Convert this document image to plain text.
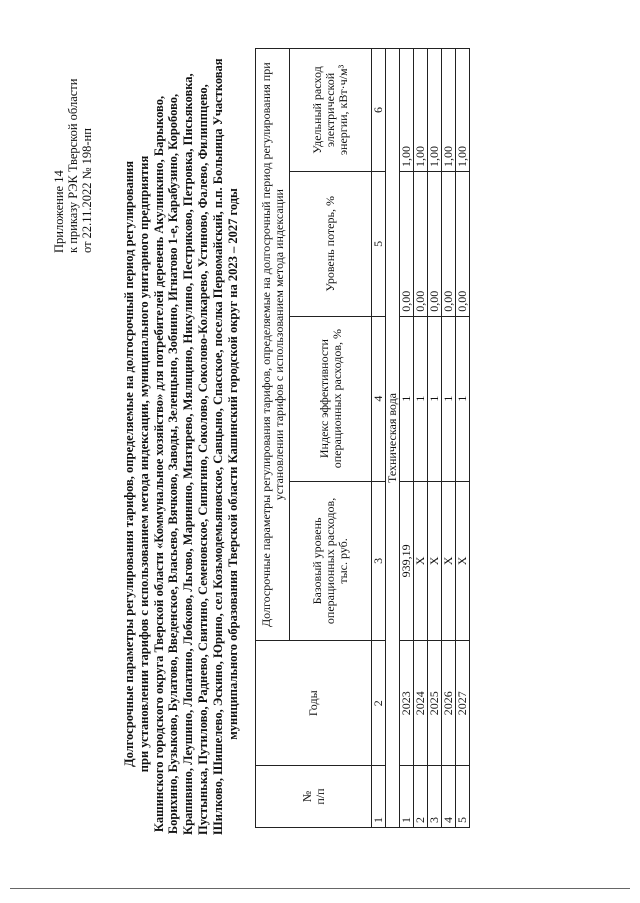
Приложение 14 к приказу РЭК Тверской области от 22.11.2022 № 198-нп Долгосрочные параметры регулирования тарифов, определяемые на долгосрочный период регулирования при установлении тарифов с использованием метода индексации, муниципального унитарного предприятия Кашинского городского округа Тверской области «Коммунальное хозяйство» для потребителей деревень Акулинкино, Барыково, Борихино, Бузыково, Булатово, Введенское, Власьево, Вячково, Заводы, Зеленцыно, Зобнино, Игнатово 1-е, Карабузино, Коробово, Крапивино, Леушино, Лопатино, Лобково, Льгово, Маринино, Мизгирево, Мялицино, Никулино, Пестриково, Петровка, Письяковка, Пустынька, Путилово, Раднево, Свитино, Семеновское, Сипягино, Соколово, Соколово-Колкарево, Устиново, Фалево, Филиппцево, Шилково, Шишелево, Эскино, Юрино, сел Козьмодемьяновское, Савцыно, Спасское, поселка Первомайский, п.п. Больница Участковая муниципального образования Тверской области Кашинский городской округ на 2023 – 2027 годы
№
п/п	Годы	Долгосрочные параметры регулирования тарифов, определяемые на долгосрочный период регулирования при установлении тарифов с использованием метода индексации			
		Базовый уровень операционных расходов, тыс. руб.	Индекс эффективности операционных расходов, %	Уровень потерь, %	Удельный расход электрической энергии, кВт·ч/м³
1	2	3	4	5	6
Техническая вода					
1	2023	939,19	1	0,00	1,00
2	2024	Х	1	0,00	1,00
3	2025	Х	1	0,00	1,00
4	2026	Х	1	0,00	1,00
5	2027	Х	1	0,00	1,00
